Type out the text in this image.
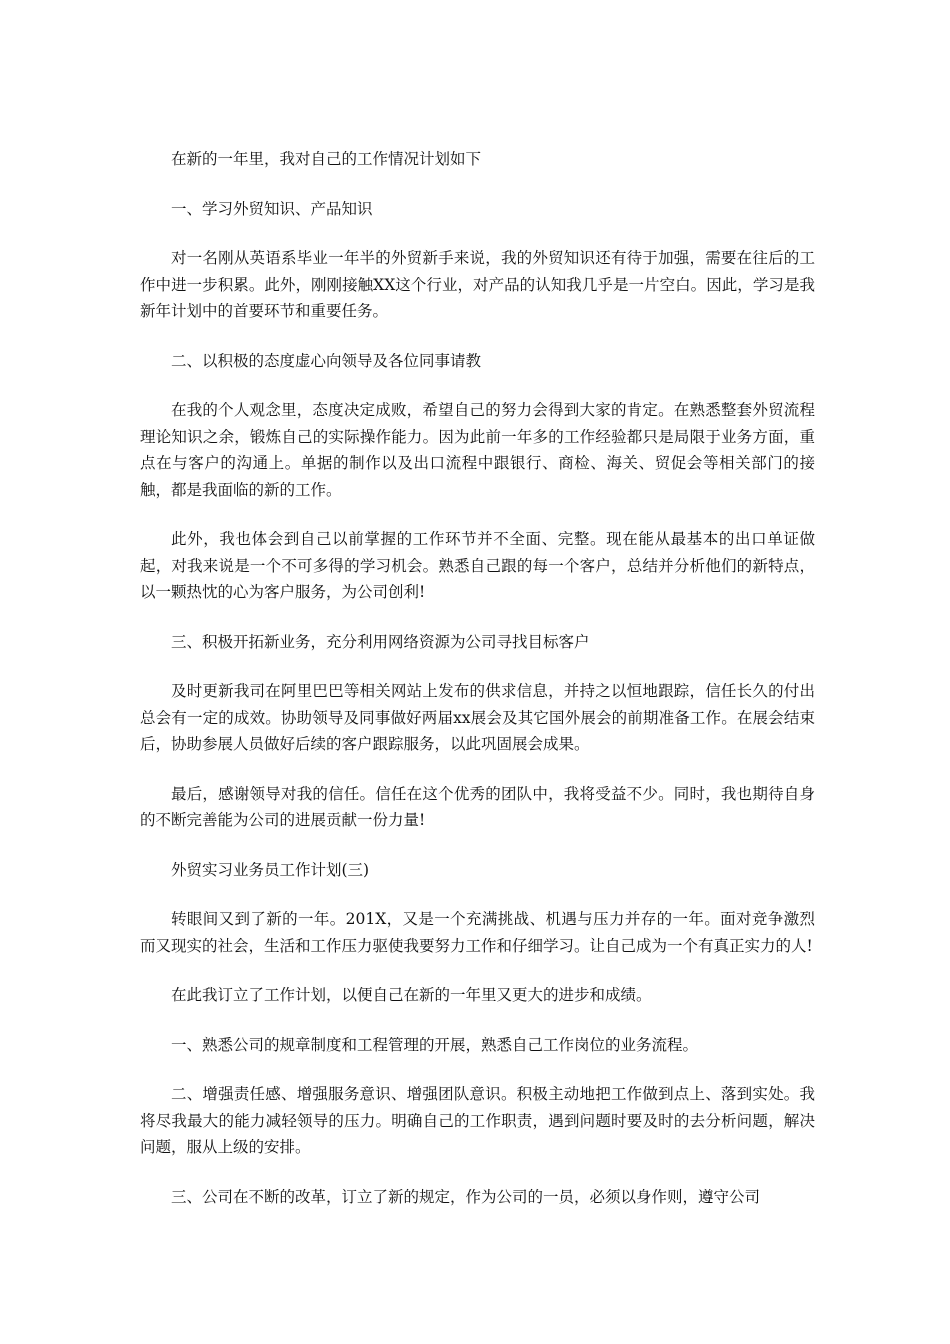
在新的一年里，我对自己的工作情况计划如下

一、学习外贸知识、产品知识

对一名刚从英语系毕业一年半的外贸新手来说，我的外贸知识还有待于加强，需要在往后的工作中进一步积累。此外，刚刚接触XX这个行业，对产品的认知我几乎是一片空白。因此，学习是我新年计划中的首要环节和重要任务。

二、以积极的态度虚心向领导及各位同事请教

在我的个人观念里，态度决定成败，希望自己的努力会得到大家的肯定。在熟悉整套外贸流程理论知识之余，锻炼自己的实际操作能力。因为此前一年多的工作经验都只是局限于业务方面，重点在与客户的沟通上。单据的制作以及出口流程中跟银行、商检、海关、贸促会等相关部门的接触，都是我面临的新的工作。

此外，我也体会到自己以前掌握的工作环节并不全面、完整。现在能从最基本的出口单证做起，对我来说是一个不可多得的学习机会。熟悉自己跟的每一个客户，总结并分析他们的新特点，以一颗热忱的心为客户服务，为公司创利!

三、积极开拓新业务，充分利用网络资源为公司寻找目标客户

及时更新我司在阿里巴巴等相关网站上发布的供求信息，并持之以恒地跟踪，信任长久的付出总会有一定的成效。协助领导及同事做好两届xx展会及其它国外展会的前期准备工作。在展会结束后，协助参展人员做好后续的客户跟踪服务，以此巩固展会成果。

最后，感谢领导对我的信任。信任在这个优秀的团队中，我将受益不少。同时，我也期待自身的不断完善能为公司的进展贡献一份力量!

外贸实习业务员工作计划(三)

转眼间又到了新的一年。201X，又是一个充满挑战、机遇与压力并存的一年。面对竞争激烈而又现实的社会，生活和工作压力驱使我要努力工作和仔细学习。让自己成为一个有真正实力的人!

在此我订立了工作计划，以便自己在新的一年里又更大的进步和成绩。

一、熟悉公司的规章制度和工程管理的开展，熟悉自己工作岗位的业务流程。

二、增强责任感、增强服务意识、增强团队意识。积极主动地把工作做到点上、落到实处。我将尽我最大的能力减轻领导的压力。明确自己的工作职责，遇到问题时要及时的去分析问题，解决问题，服从上级的安排。

三、公司在不断的改革，订立了新的规定，作为公司的一员，必须以身作则，遵守公司
